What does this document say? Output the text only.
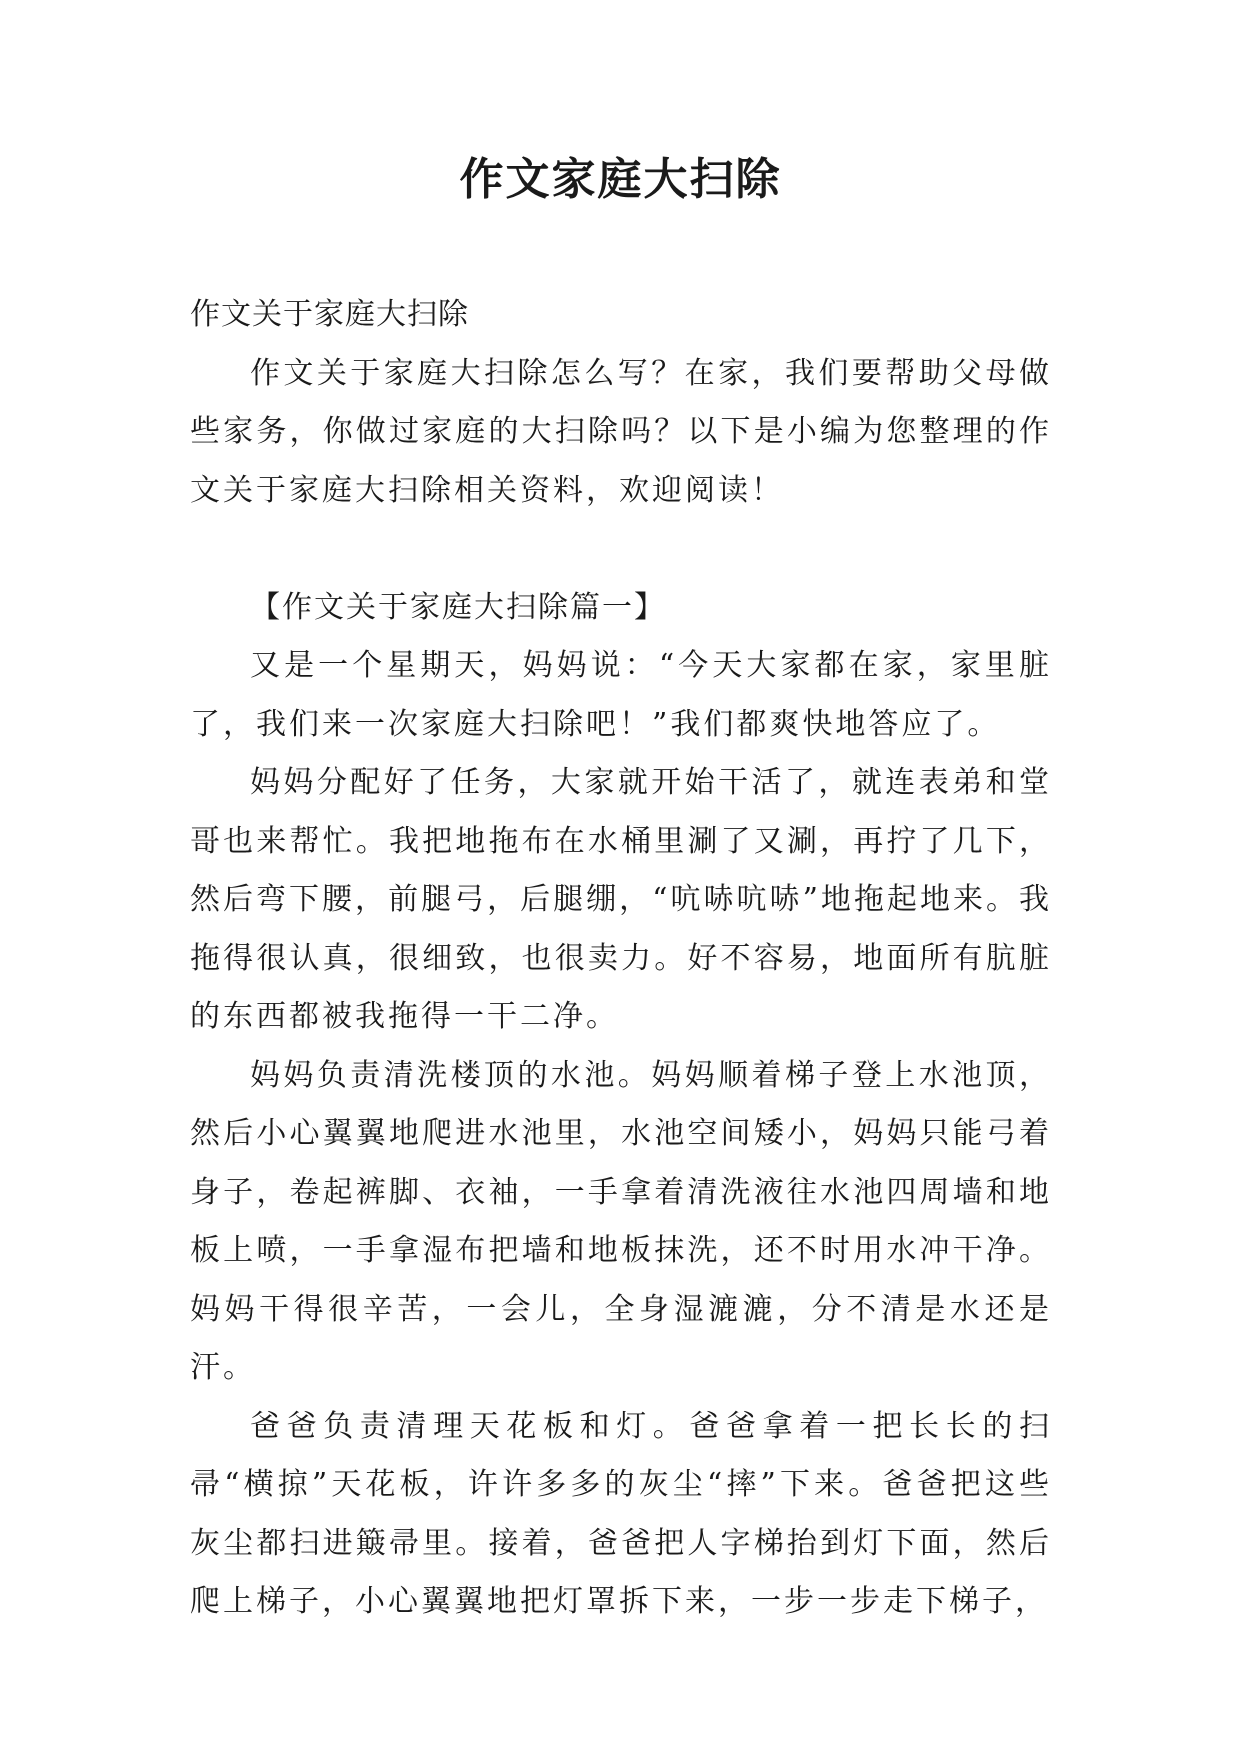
作文家庭大扫除

作文关于家庭大扫除

作文关于家庭大扫除怎么写？在家，我们要帮助父母做些家务，你做过家庭的大扫除吗？以下是小编为您整理的作文关于家庭大扫除相关资料，欢迎阅读！

【作文关于家庭大扫除篇一】

又是一个星期天，妈妈说：“今天大家都在家，家里脏了，我们来一次家庭大扫除吧！”我们都爽快地答应了。

妈妈分配好了任务，大家就开始干活了，就连表弟和堂哥也来帮忙。我把地拖布在水桶里涮了又涮，再拧了几下，然后弯下腰，前腿弓，后腿绷，“吭哧吭哧”地拖起地来。我拖得很认真，很细致，也很卖力。好不容易，地面所有肮脏的东西都被我拖得一干二净。

妈妈负责清洗楼顶的水池。妈妈顺着梯子登上水池顶，然后小心翼翼地爬进水池里，水池空间矮小，妈妈只能弓着身子，卷起裤脚、衣袖，一手拿着清洗液往水池四周墙和地板上喷，一手拿湿布把墙和地板抹洗，还不时用水冲干净。妈妈干得很辛苦，一会儿，全身湿漉漉，分不清是水还是汗。

爸爸负责清理天花板和灯。爸爸拿着一把长长的扫帚“横掠”天花板，许许多多的灰尘“摔”下来。爸爸把这些灰尘都扫进簸帚里。接着，爸爸把人字梯抬到灯下面，然后爬上梯子，小心翼翼地把灯罩拆下来，一步一步走下梯子，
